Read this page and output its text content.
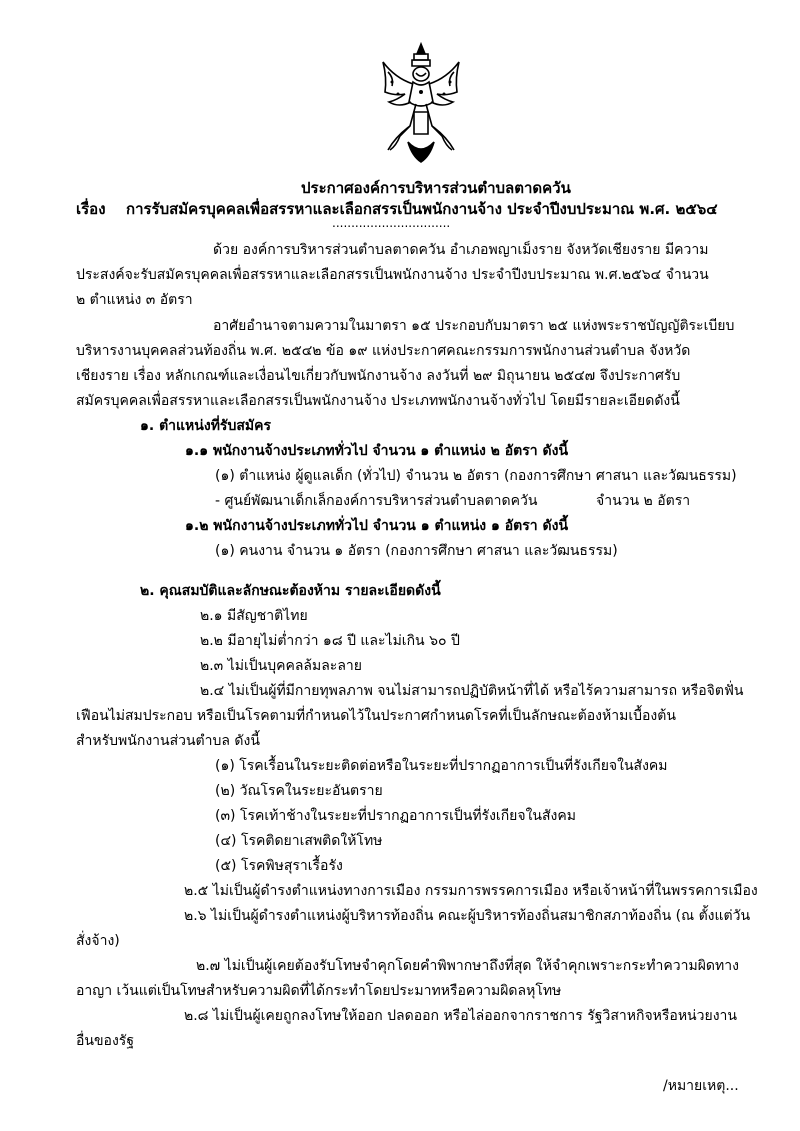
ประกาศองค์การบริหารส่วนตำบลตาดควัน
เรื่อง การรับสมัครบุคคลเพื่อสรรหาและเลือกสรรเป็นพนักงานจ้าง ประจำปีงบประมาณ พ.ศ. ๒๕๖๔
...............................
ด้วย องค์การบริหารส่วนตำบลตาดควัน อำเภอพญาเม็งราย จังหวัดเชียงราย มีความ
ประสงค์จะรับสมัครบุคคลเพื่อสรรหาและเลือกสรรเป็นพนักงานจ้าง ประจำปีงบประมาณ พ.ศ.๒๕๖๔ จำนวน
๒ ตำแหน่ง ๓ อัตรา
อาศัยอำนาจตามความในมาตรา ๑๕ ประกอบกับมาตรา ๒๕ แห่งพระราชบัญญัติระเบียบ
บริหารงานบุคคลส่วนท้องถิ่น พ.ศ. ๒๕๔๒ ข้อ ๑๙ แห่งประกาศคณะกรรมการพนักงานส่วนตำบล จังหวัด
เชียงราย เรื่อง หลักเกณฑ์และเงื่อนไขเกี่ยวกับพนักงานจ้าง ลงวันที่ ๒๙ มิถุนายน ๒๕๔๗ จึงประกาศรับ
สมัครบุคคลเพื่อสรรหาและเลือกสรรเป็นพนักงานจ้าง ประเภทพนักงานจ้างทั่วไป โดยมีรายละเอียดดังนี้
๑. ตำแหน่งที่รับสมัคร
๑.๑ พนักงานจ้างประเภททั่วไป จำนวน ๑ ตำแหน่ง ๒ อัตรา ดังนี้
(๑) ตำแหน่ง ผู้ดูแลเด็ก (ทั่วไป) จำนวน ๒ อัตรา (กองการศึกษา ศาสนา และวัฒนธรรม)
- ศูนย์พัฒนาเด็กเล็กองค์การบริหารส่วนตำบลตาดควัน	จำนวน ๒ อัตรา
๑.๒ พนักงานจ้างประเภททั่วไป จำนวน ๑ ตำแหน่ง ๑ อัตรา ดังนี้
(๑) คนงาน จำนวน ๑ อัตรา (กองการศึกษา ศาสนา และวัฒนธรรม)
๒. คุณสมบัติและลักษณะต้องห้าม รายละเอียดดังนี้
๒.๑ มีสัญชาติไทย
๒.๒ มีอายุไม่ต่ำกว่า ๑๘ ปี และไม่เกิน ๖๐ ปี
๒.๓ ไม่เป็นบุคคลล้มละลาย
๒.๔ ไม่เป็นผู้ที่มีกายทุพลภาพ จนไม่สามารถปฏิบัติหน้าที่ได้ หรือไร้ความสามารถ หรือจิตฟั่น
เฟือนไม่สมประกอบ หรือเป็นโรคตามที่กำหนดไว้ในประกาศกำหนดโรคที่เป็นลักษณะต้องห้ามเบื้องต้น
สำหรับพนักงานส่วนตำบล ดังนี้
(๑) โรคเรื้อนในระยะติดต่อหรือในระยะที่ปรากฏอาการเป็นที่รังเกียจในสังคม
(๒) วัณโรคในระยะอันตราย
(๓) โรคเท้าช้างในระยะที่ปรากฏอาการเป็นที่รังเกียจในสังคม
(๔) โรคติดยาเสพติดให้โทษ
(๕) โรคพิษสุราเรื้อรัง
๒.๕ ไม่เป็นผู้ดำรงตำแหน่งทางการเมือง กรรมการพรรคการเมือง หรือเจ้าหน้าที่ในพรรคการเมือง
๒.๖ ไม่เป็นผู้ดำรงตำแหน่งผู้บริหารท้องถิ่น คณะผู้บริหารท้องถิ่นสมาชิกสภาท้องถิ่น (ณ ตั้งแต่วัน
สั่งจ้าง)
๒.๗ ไม่เป็นผู้เคยต้องรับโทษจำคุกโดยคำพิพากษาถึงที่สุด ให้จำคุกเพราะกระทำความผิดทาง
อาญา เว้นแต่เป็นโทษสำหรับความผิดที่ได้กระทำโดยประมาทหรือความผิดลหุโทษ
๒.๘ ไม่เป็นผู้เคยถูกลงโทษให้ออก ปลดออก หรือไล่ออกจากราชการ รัฐวิสาหกิจหรือหน่วยงาน
อื่นของรัฐ
/หมายเหตุ...
